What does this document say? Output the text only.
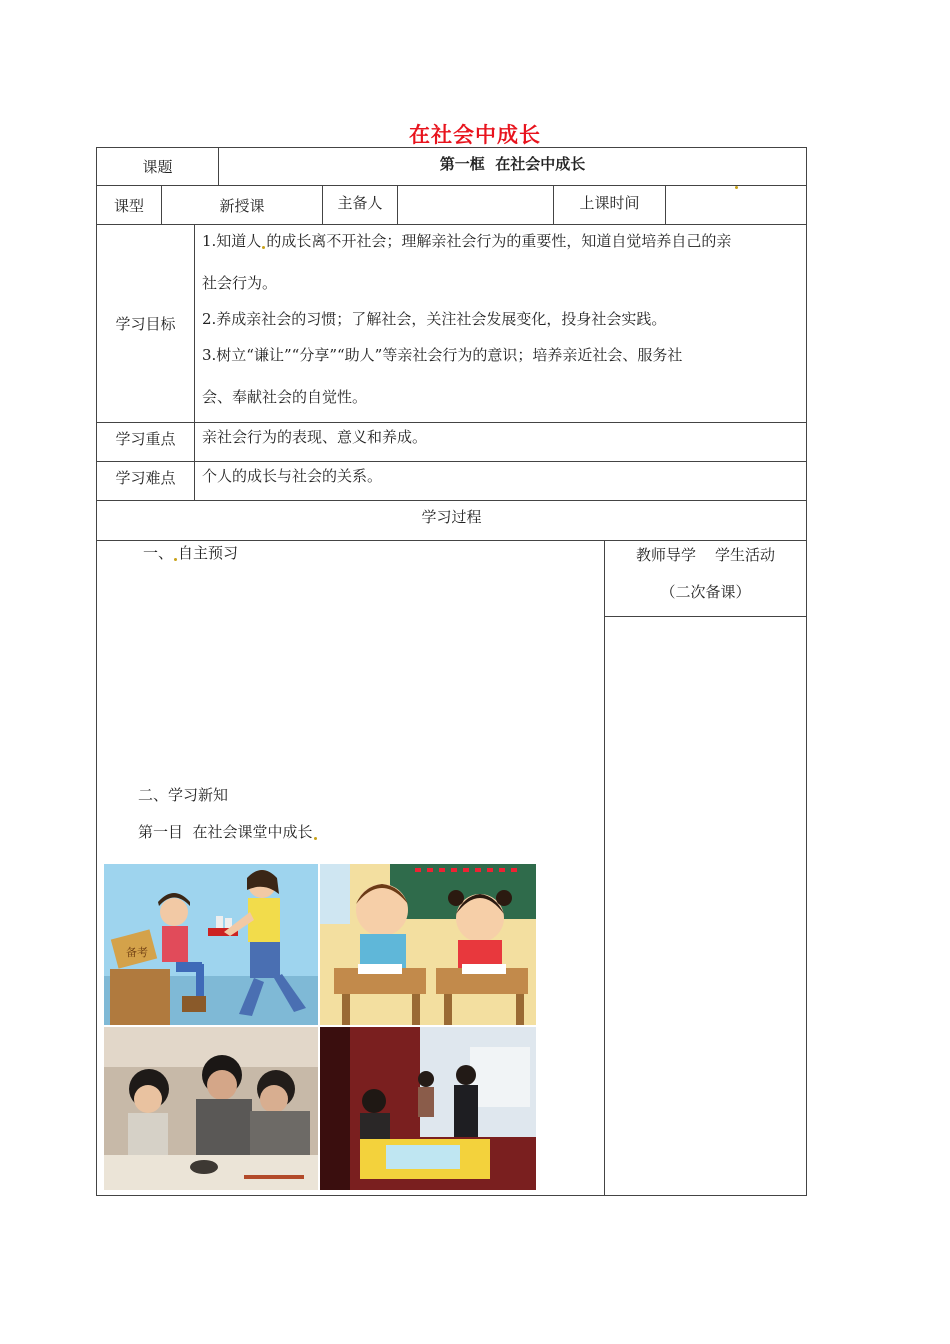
在社会中成长
课题	第一框  在社会中成长
课型	新授课	主备人	上课时间
学习目标
1.知道人 的成长离不开社会；理解亲社会行为的重要性，知道自觉培养自己的亲
社会行为。
2.养成亲社会的习惯；了解社会，关注社会发展变化，投身社会实践。
3.树立“谦让”“分享”“助人”等亲社会行为的意识；培养亲近社会、服务社
会、奉献社会的自觉性。
学习重点 亲社会行为的表现、意义和养成。
学习难点 个人的成长与社会的关系。
学习过程
一、 自主预习
二、学习新知
第一目  在社会课堂中成长
备考
教师导学    学生活动
（二次备课）
